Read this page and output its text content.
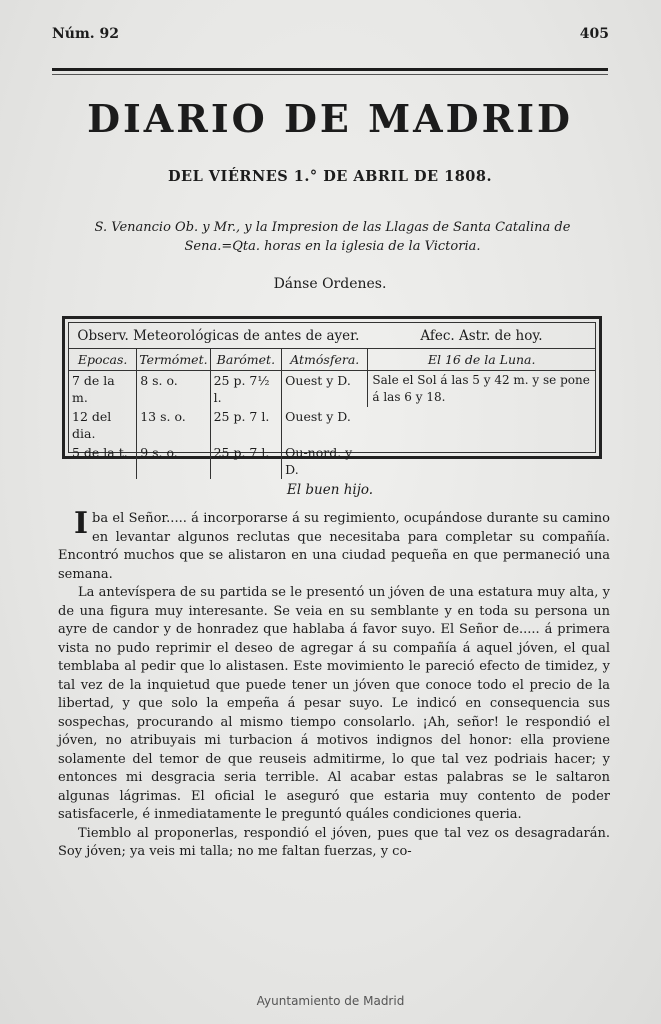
Núm. 92	405
DIARIO DE MADRID
DEL VIÉRNES 1.° DE ABRIL DE 1808.
S. Venancio Ob. y Mr., y la Impresion de las Llagas de Santa Catalina de Sena.=Qta. horas en la iglesia de la Victoria.
Dánse Ordenes.
Observ. Meteorológicas de antes de ayer.				Afec. Astr. de hoy.
Epocas.	Termómet.	Barómet.	Atmósfera.	El 16 de la Luna.
7 de la m.	8 s. o.	25 p. 7½ l.	Ouest y D.	Sale el Sol á las 5 y 42 m. y se pone á las 6 y 18.
12 del dia.	13 s. o.	25 p. 7 l.	Ouest y D.	
5 de la t.	9 s. o.	25 p. 7 l.	Ou-nord. y D.	
El buen hijo.

Iba el Señor..... á incorporarse á su regimiento, ocupándose durante su camino en levantar algunos reclutas que necesitaba para completar su compañía. Encontró muchos que se alistaron en una ciudad pequeña en que permaneció una semana.

La antevíspera de su partida se le presentó un jóven de una estatura muy alta, y de una figura muy interesante. Se veia en su semblante y en toda su persona un ayre de candor y de honradez que hablaba á favor suyo. El Señor de..... á primera vista no pudo reprimir el deseo de agregar á su compañía á aquel jóven, el qual temblaba al pedir que lo alistasen. Este movimiento le pareció efecto de timidez, y tal vez de la inquietud que puede tener un jóven que conoce todo el precio de la libertad, y que solo la empeña á pesar suyo. Le indicó en consequencia sus sospechas, procurando al mismo tiempo consolarlo. ¡Ah, señor! le respondió el jóven, no atribuyais mi turbacion á motivos indignos del honor: ella proviene solamente del temor de que reuseis admitirme, lo que tal vez podriais hacer; y entonces mi desgracia seria terrible. Al acabar estas palabras se le saltaron algunas lágrimas. El oficial le aseguró que estaria muy contento de poder satisfacerle, é inmediatamente le preguntó quáles condiciones queria.

Tiemblo al proponerlas, respondió el jóven, pues que tal vez os desagradarán. Soy jóven; ya veis mi talla; no me faltan fuerzas, y co-

Ayuntamiento de Madrid
